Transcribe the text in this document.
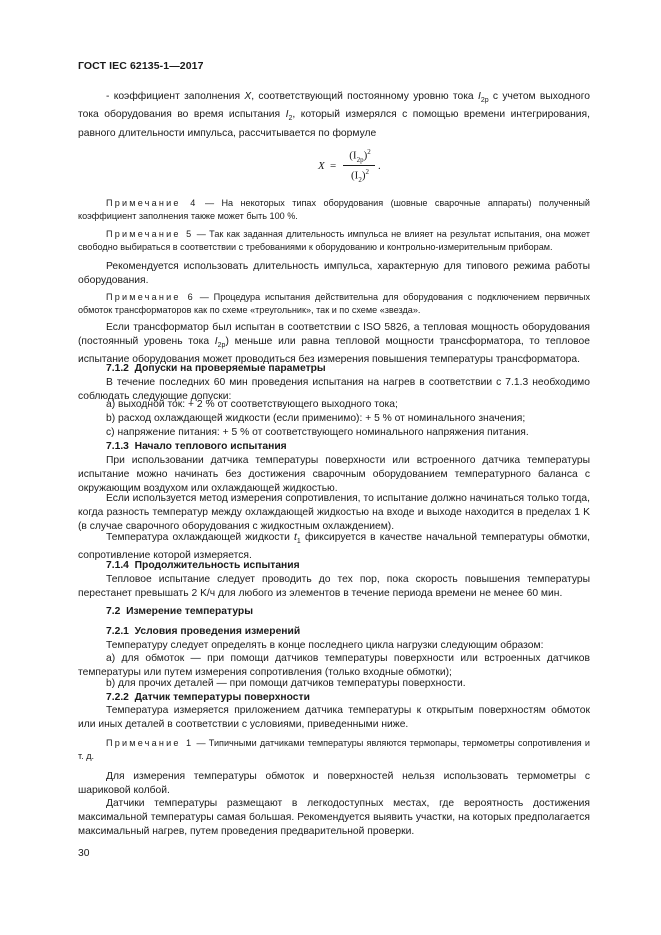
ГОСТ IEC 62135-1—2017
- коэффициент заполнения X, соответствующий постоянному уровню тока $I_{2p}$ с учетом выходного тока оборудования во время испытания $I_2$, который измерялся с помощью времени интегрирования, равного длительности импульса, рассчитывается по формуле
X =
$(I_{2p})^2$
$(I_2)^2$ .
Примечание 4 — На некоторых типах оборудования (шовные сварочные аппараты) полученный коэффициент заполнения также может быть 100 %.
Примечание 5 — Так как заданная длительность импульса не влияет на результат испытания, она может свободно выбираться в соответствии с требованиями к оборудованию и контрольно-измерительным приборам.
Рекомендуется использовать длительность импульса, характерную для типового режима работы оборудования.
Примечание 6 — Процедура испытания действительна для оборудования с подключением первичных обмоток трансформаторов как по схеме «треугольник», так и по схеме «звезда».
Если трансформатор был испытан в соответствии с ISO 5826, а тепловая мощность оборудования (постоянный уровень тока $I_{2p}$) меньше или равна тепловой мощности трансформатора, то тепловое испытание оборудования может проводиться без измерения повышения температуры трансформатора.
7.1.2 Допуски на проверяемые параметры
В течение последних 60 мин проведения испытания на нагрев в соответствии с 7.1.3 необходимо соблюдать следующие допуски:
a) выходной ток: + 2 % от соответствующего выходного тока;
b) расход охлаждающей жидкости (если применимо): + 5 % от номинального значения;
c) напряжение питания: + 5 % от соответствующего номинального напряжения питания.
7.1.3 Начало теплового испытания
При использовании датчика температуры поверхности или встроенного датчика температуры испытание можно начинать без достижения сварочным оборудованием температурного баланса с окружающим воздухом или охлаждающей жидкостью.
Если используется метод измерения сопротивления, то испытание должно начинаться только тогда, когда разность температур между охлаждающей жидкостью на входе и выходе находится в пределах 1 K (в случае сварочного оборудования с жидкостным охлаждением).
Температура охлаждающей жидкости $t_1$ фиксируется в качестве начальной температуры обмотки, сопротивление которой измеряется.
7.1.4 Продолжительность испытания
Тепловое испытание следует проводить до тех пор, пока скорость повышения температуры перестанет превышать 2 K/ч для любого из элементов в течение периода времени не менее 60 мин.
7.2 Измерение температуры
7.2.1 Условия проведения измерений
Температуру следует определять в конце последнего цикла нагрузки следующим образом:
a) для обмоток — при помощи датчиков температуры поверхности или встроенных датчиков температуры или путем измерения сопротивления (только входные обмотки);
b) для прочих деталей — при помощи датчиков температуры поверхности.
7.2.2 Датчик температуры поверхности
Температура измеряется приложением датчика температуры к открытым поверхностям обмоток или иных деталей в соответствии с условиями, приведенными ниже.
Примечание 1 — Типичными датчиками температуры являются термопары, термометры сопротивления и т. д.
Для измерения температуры обмоток и поверхностей нельзя использовать термометры с шариковой колбой.
Датчики температуры размещают в легкодоступных местах, где вероятность достижения максимальной температуры самая большая. Рекомендуется выявить участки, на которых предполагается максимальный нагрев, путем проведения предварительной проверки.
30
